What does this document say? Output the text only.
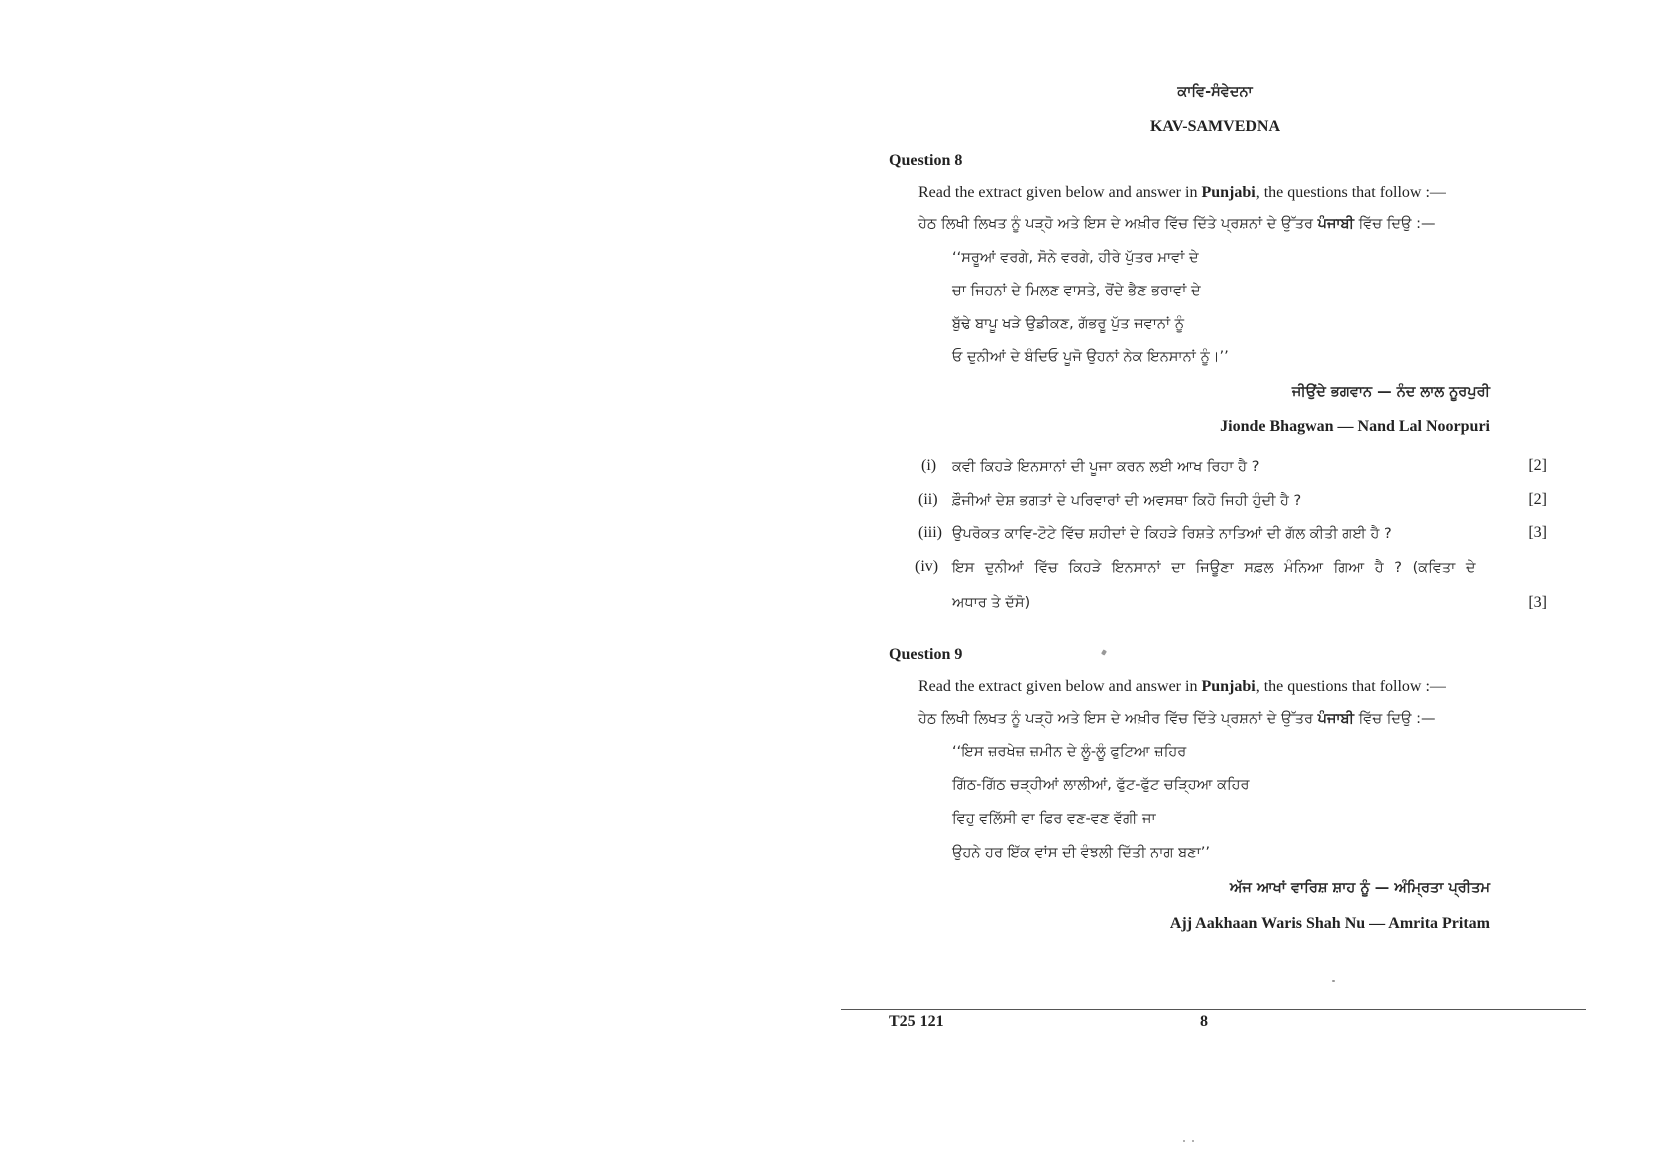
ਕਾਵਿ-ਸੰਵੇਦਨਾ
KAV-SAMVEDNA
Question 8
Read the extract given below and answer in Punjabi, the questions that follow :—
ਹੇਠ ਲਿਖੀ ਲਿਖਤ ਨੂੰ ਪੜ੍ਹੋ ਅਤੇ ਇਸ ਦੇ ਅਖ਼ੀਰ ਵਿੱਚ ਦਿੱਤੇ ਪ੍ਰਸ਼ਨਾਂ ਦੇ ਉੱਤਰ ਪੰਜਾਬੀ ਵਿੱਚ ਦਿਉ :—
‘‘ਸਰੂਆਂ ਵਰਗੇ, ਸੋਨੇ ਵਰਗੇ, ਹੀਰੇ ਪੁੱਤਰ ਮਾਵਾਂ ਦੇ
ਚਾ ਜਿਹਨਾਂ ਦੇ ਮਿਲਣ ਵਾਸਤੇ, ਰੋਂਦੇ ਭੈਣ ਭਰਾਵਾਂ ਦੇ
ਬੁੱਢੇ ਬਾਪੂ ਖੜੇ ਉਡੀਕਣ, ਗੱਭਰੂ ਪੁੱਤ ਜਵਾਨਾਂ ਨੂੰ
ਓ ਦੁਨੀਆਂ ਦੇ ਬੰਦਿਓ ਪੂਜੋ ਉਹਨਾਂ ਨੇਕ ਇਨਸਾਨਾਂ ਨੂੰ।’’
ਜੀਉਂਦੇ ਭਗਵਾਨ — ਨੰਦ ਲਾਲ ਨੂਰਪੁਰੀ
Jionde Bhagwan — Nand Lal Noorpuri
(i) ਕਵੀ ਕਿਹੜੇ ਇਨਸਾਨਾਂ ਦੀ ਪੂਜਾ ਕਰਨ ਲਈ ਆਖ ਰਿਹਾ ਹੈ ?	[2]
(ii) ਫ਼ੌਜੀਆਂ ਦੇਸ਼ ਭਗਤਾਂ ਦੇ ਪਰਿਵਾਰਾਂ ਦੀ ਅਵਸਥਾ ਕਿਹੋ ਜਿਹੀ ਹੁੰਦੀ ਹੈ ?	[2]
(iii) ਉਪਰੋਕਤ ਕਾਵਿ-ਟੋਟੇ ਵਿੱਚ ਸ਼ਹੀਦਾਂ ਦੇ ਕਿਹੜੇ ਰਿਸ਼ਤੇ ਨਾਤਿਆਂ ਦੀ ਗੱਲ ਕੀਤੀ ਗਈ ਹੈ ?	[3]
(iv) ਇਸ ਦੁਨੀਆਂ ਵਿੱਚ ਕਿਹੜੇ ਇਨਸਾਨਾਂ ਦਾ ਜਿਊਣਾ ਸਫ਼ਲ ਮੰਨਿਆ ਗਿਆ ਹੈ ? (ਕਵਿਤਾ ਦੇ
ਅਧਾਰ ਤੇ ਦੱਸੋ)	[3]
Question 9
Read the extract given below and answer in Punjabi, the questions that follow :—
ਹੇਠ ਲਿਖੀ ਲਿਖਤ ਨੂੰ ਪੜ੍ਹੋ ਅਤੇ ਇਸ ਦੇ ਅਖ਼ੀਰ ਵਿੱਚ ਦਿੱਤੇ ਪ੍ਰਸ਼ਨਾਂ ਦੇ ਉੱਤਰ ਪੰਜਾਬੀ ਵਿੱਚ ਦਿਉ :—
‘‘ਇਸ ਜ਼ਰਖੇਜ਼ ਜ਼ਮੀਨ ਦੇ ਲੂੰ-ਲੂੰ ਫੁਟਿਆ ਜ਼ਹਿਰ
ਗਿੱਠ-ਗਿੱਠ ਚੜ੍ਹੀਆਂ ਲਾਲੀਆਂ, ਫੁੱਟ-ਫੁੱਟ ਚੜ੍ਹਿਆ ਕਹਿਰ
ਵਿਹੁ ਵਲਿੱਸੀ ਵਾ ਫਿਰ ਵਣ-ਵਣ ਵੱਗੀ ਜਾ
ਉਹਨੇ ਹਰ ਇੱਕ ਵਾਂਸ ਦੀ ਵੰਝਲੀ ਦਿੱਤੀ ਨਾਗ ਬਣਾ’’
ਅੱਜ ਆਖਾਂ ਵਾਰਿਸ਼ ਸ਼ਾਹ ਨੂੰ — ਅੰਮ੍ਰਿਤਾ ਪ੍ਰੀਤਮ
Ajj Aakhaan Waris Shah Nu — Amrita Pritam
T25 121	8
